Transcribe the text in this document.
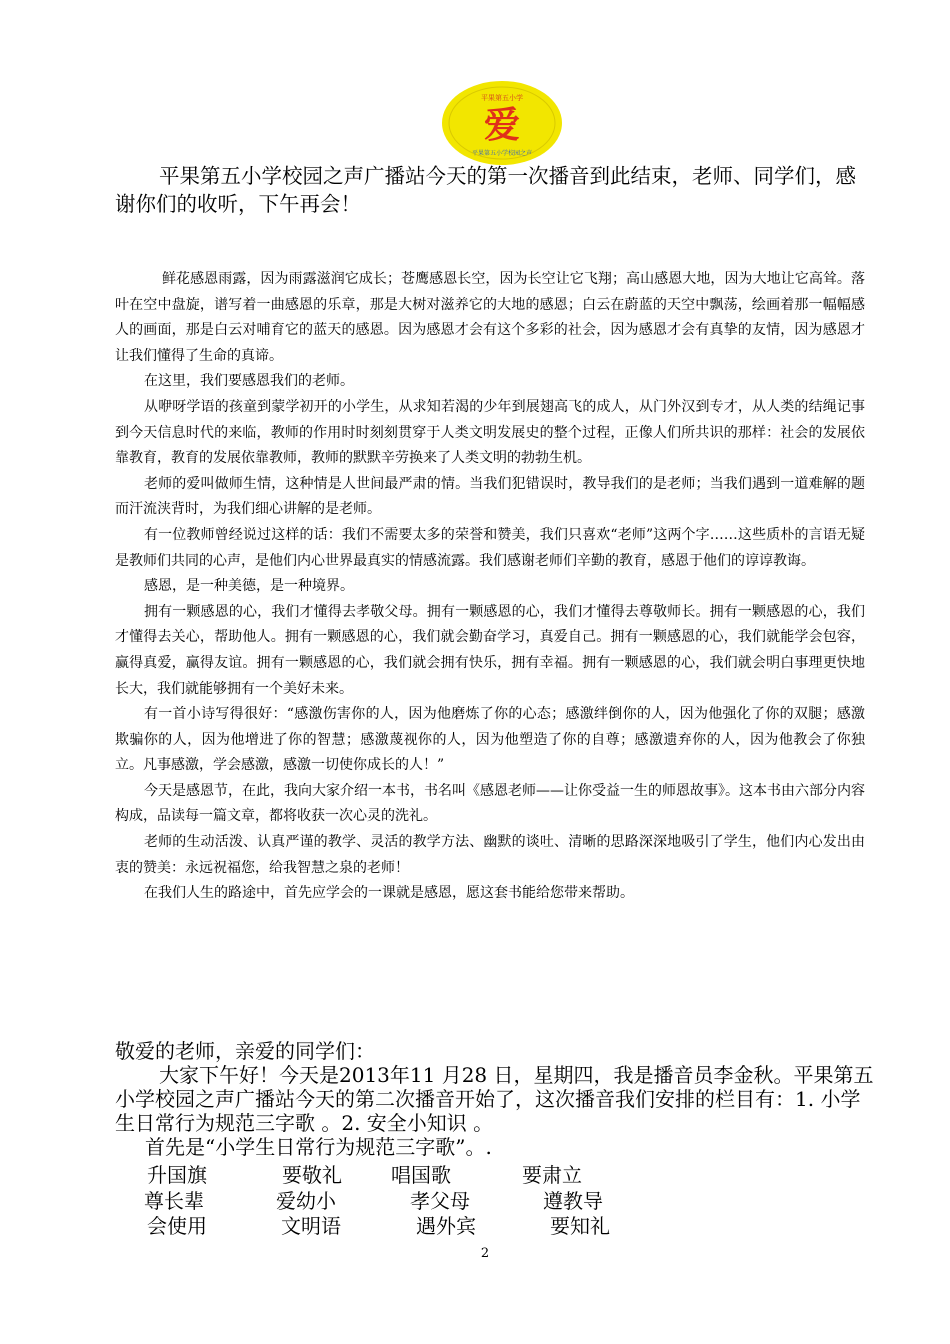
平果第五小学
爱
平果第五小学校园之声

平果第五小学校园之声广播站今天的第一次播音到此结束，老师、同学们，感谢你们的收听，下午再会！

鲜花感恩雨露，因为雨露滋润它成长；苍鹰感恩长空，因为长空让它飞翔；高山感恩大地，因为大地让它高耸。落叶在空中盘旋，谱写着一曲感恩的乐章，那是大树对滋养它的大地的感恩；白云在蔚蓝的天空中飘荡，绘画着那一幅幅感人的画面，那是白云对哺育它的蓝天的感恩。因为感恩才会有这个多彩的社会，因为感恩才会有真挚的友情，因为感恩才让我们懂得了生命的真谛。

在这里，我们要感恩我们的老师。

从咿呀学语的孩童到蒙学初开的小学生，从求知若渴的少年到展翅高飞的成人，从门外汉到专才，从人类的结绳记事到今天信息时代的来临，教师的作用时时刻刻贯穿于人类文明发展史的整个过程，正像人们所共识的那样：社会的发展依靠教育，教育的发展依靠教师，教师的默默辛劳换来了人类文明的勃勃生机。

老师的爱叫做师生情，这种情是人世间最严肃的情。当我们犯错误时，教导我们的是老师；当我们遇到一道难解的题而汗流浃背时，为我们细心讲解的是老师。

有一位教师曾经说过这样的话：我们不需要太多的荣誉和赞美，我们只喜欢“老师”这两个字……这些质朴的言语无疑是教师们共同的心声，是他们内心世界最真实的情感流露。我们感谢老师们辛勤的教育，感恩于他们的谆谆教诲。

感恩，是一种美德，是一种境界。

拥有一颗感恩的心，我们才懂得去孝敬父母。拥有一颗感恩的心，我们才懂得去尊敬师长。拥有一颗感恩的心，我们才懂得去关心，帮助他人。拥有一颗感恩的心，我们就会勤奋学习，真爱自己。拥有一颗感恩的心，我们就能学会包容，赢得真爱，赢得友谊。拥有一颗感恩的心，我们就会拥有快乐，拥有幸福。拥有一颗感恩的心，我们就会明白事理更快地长大，我们就能够拥有一个美好未来。

有一首小诗写得很好：“感激伤害你的人，因为他磨炼了你的心态；感激绊倒你的人，因为他强化了你的双腿；感激欺骗你的人，因为他增进了你的智慧；感激蔑视你的人，因为他塑造了你的自尊；感激遗弃你的人，因为他教会了你独立。凡事感激，学会感激，感激一切使你成长的人！”

今天是感恩节，在此，我向大家介绍一本书，书名叫《感恩老师——让你受益一生的师恩故事》。这本书由六部分内容构成，品读每一篇文章，都将收获一次心灵的洗礼。

老师的生动活泼、认真严谨的教学、灵活的教学方法、幽默的谈吐、清晰的思路深深地吸引了学生，他们内心发出由衷的赞美：永远祝福您，给我智慧之泉的老师！

在我们人生的路途中，首先应学会的一课就是感恩，愿这套书能给您带来帮助。

敬爱的老师，亲爱的同学们：

大家下午好！今天是2013年11 月28 日，星期四，我是播音员李金秋。平果第五小学校园之声广播站今天的第二次播音开始了，这次播音我们安排的栏目有：1. 小学生日常行为规范三字歌 。2. 安全小知识 。

首先是“小学生日常行为规范三字歌”。.

升国旗	要敬礼 唱国歌	要肃立
尊长辈	爱幼小	孝父母	遵教导
会使用	文明语	遇外宾	要知礼
2
